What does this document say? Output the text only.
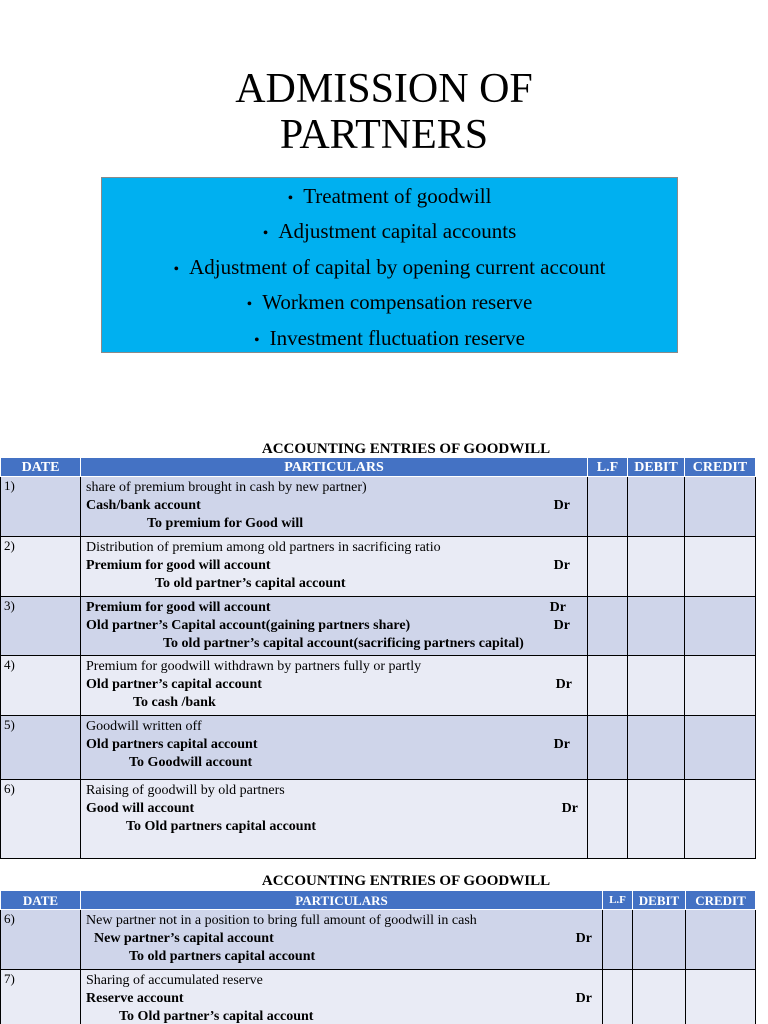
ADMISSION OF
PARTNERS
• Treatment of goodwill
• Adjustment capital accounts
• Adjustment of capital by opening current account
• Workmen compensation reserve
• Investment fluctuation reserve
ACCOUNTING ENTRIES OF GOODWILL
DATE	PARTICULARS	L.F	DEBIT	CREDIT
1)	share of premium brought in cash by new partner)
Cash/bank account Dr
To premium for Good will			

2)	Distribution of premium among old partners in sacrificing ratio
Premium for good will account Dr
To old partner’s capital account			

3)	Premium for good will account Dr
Old partner’s Capital account(gaining partners share) Dr
To old partner’s capital account(sacrificing partners capital)			

4)	Premium for goodwill withdrawn by partners fully or partly
Old partner’s capital account Dr
To cash /bank			

5)	Goodwill written off
Old partners capital account Dr
To Goodwill account			

6)	Raising of goodwill by old partners
Good will account Dr
To Old partners capital account			

ACCOUNTING ENTRIES OF GOODWILL
DATE	PARTICULARS	L.F	DEBIT	CREDIT
6)	New partner not in a position to bring full amount of goodwill in cash
New partner’s capital account Dr
To old partners capital account			

7)	Sharing of accumulated reserve
Reserve account Dr
To Old partner’s capital account			
